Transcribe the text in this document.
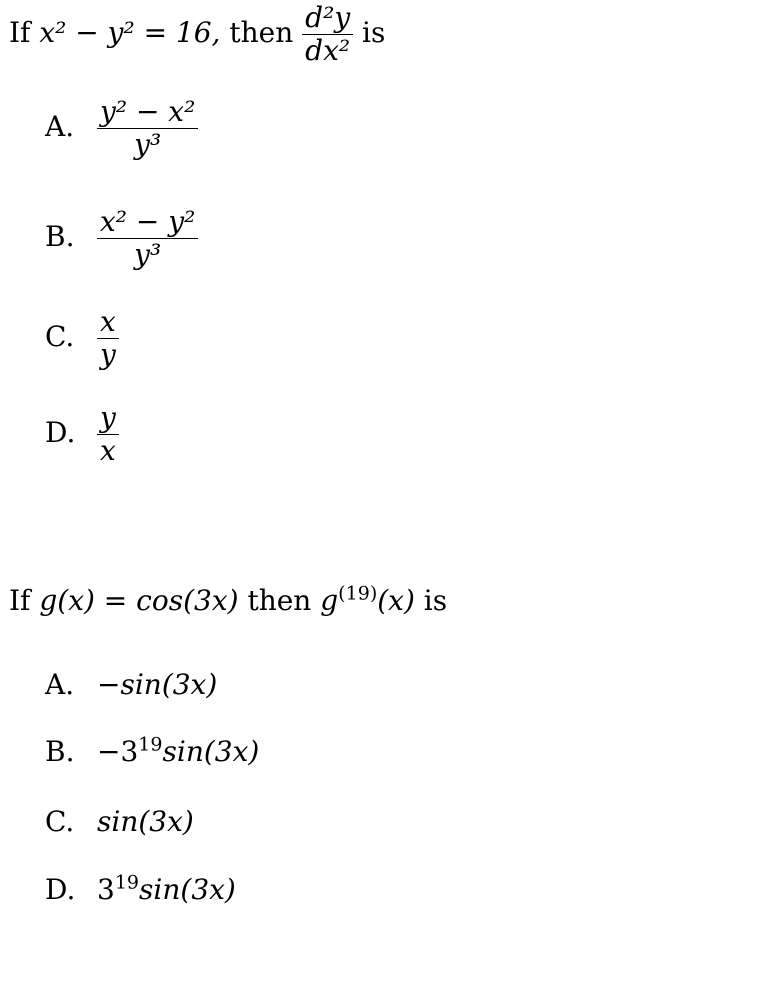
If x² − y² = 16, then $\frac{\text{d²y}}{\text{dx²}}$ is
A. $\frac{\text{y² − x²}}{\text{y³}}$
B. $\frac{\text{x² − y²}}{\text{y³}}$
C. $\frac{x}{y}$
D. $\frac{y}{x}$
If g(x) = cos(3x) then $g^{(19)}(x)$ is
A. −sin(3x)
B. $-3^{19}\sin(3x)$
C. sin(3x)
D. $3^{19}\sin(3x)$
